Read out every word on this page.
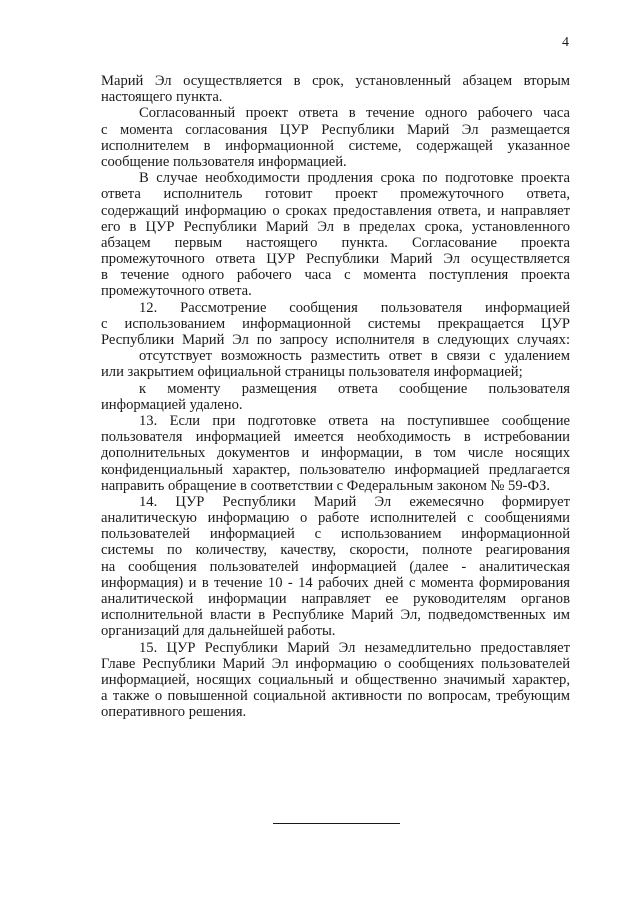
4
Марий Эл осуществляется в срок, установленный абзацем вторым
настоящего пункта.
Согласованный проект ответа в течение одного рабочего часа
с момента согласования ЦУР Республики Марий Эл размещается
исполнителем в информационной системе, содержащей указанное
сообщение пользователя информацией.
В случае необходимости продления срока по подготовке проекта
ответа исполнитель готовит проект промежуточного ответа,
содержащий информацию о сроках предоставления ответа, и направляет
его в ЦУР Республики Марий Эл в пределах срока, установленного
абзацем первым настоящего пункта. Согласование проекта
промежуточного ответа ЦУР Республики Марий Эл осуществляется
в течение одного рабочего часа с момента поступления проекта
промежуточного ответа.
12. Рассмотрение сообщения пользователя информацией
с использованием информационной системы прекращается ЦУР
Республики Марий Эл по запросу исполнителя в следующих случаях:
отсутствует возможность разместить ответ в связи с удалением
или закрытием официальной страницы пользователя информацией;
к моменту размещения ответа сообщение пользователя
информацией удалено.
13. Если при подготовке ответа на поступившее сообщение
пользователя информацией имеется необходимость в истребовании
дополнительных документов и информации, в том числе носящих
конфиденциальный характер, пользователю информацией предлагается
направить обращение в соответствии с Федеральным законом № 59-ФЗ.
14. ЦУР Республики Марий Эл ежемесячно формирует
аналитическую информацию о работе исполнителей с сообщениями
пользователей информацией с использованием информационной
системы по количеству, качеству, скорости, полноте реагирования
на сообщения пользователей информацией (далее - аналитическая
информация) и в течение 10 - 14 рабочих дней с момента формирования
аналитической информации направляет ее руководителям органов
исполнительной власти в Республике Марий Эл, подведомственных им
организаций для дальнейшей работы.
15. ЦУР Республики Марий Эл незамедлительно предоставляет
Главе Республики Марий Эл информацию о сообщениях пользователей
информацией, носящих социальный и общественно значимый характер,
а также о повышенной социальной активности по вопросам, требующим
оперативного решения.
